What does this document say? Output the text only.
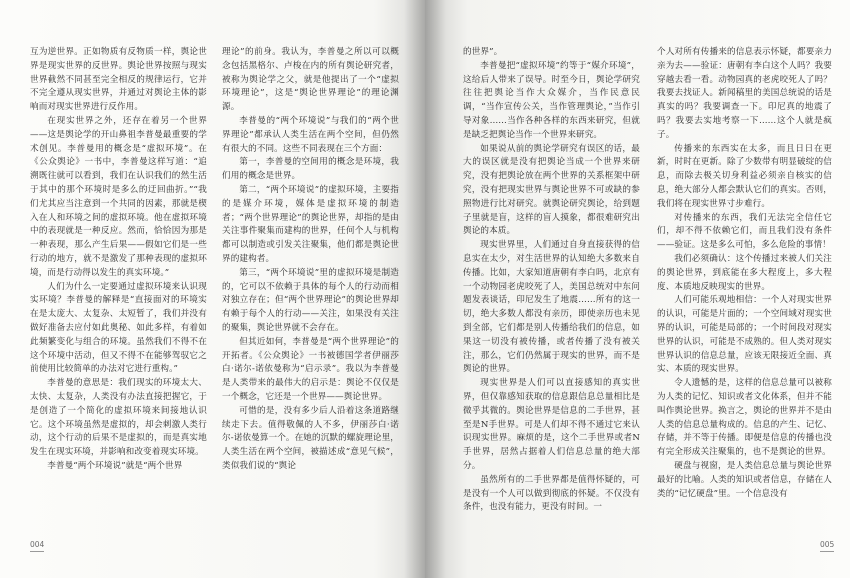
互为逆世界。正如物质有反物质一样，舆论世界是现实世界的反世界。舆论世界按照与现实世界截然不同甚至完全相反的规律运行，它并不完全遵从现实世界，并通过对舆论主体的影响而对现实世界进行反作用。

在现实世界之外，还存在着另一个世界——这是舆论学的开山鼻祖李普曼最重要的学术创见。李普曼用的概念是“虚拟环境”。在《公众舆论》一书中，李普曼这样写道：“追溯既往就可以看到，我们在认识我们的然生活于其中的那个环境时是多么的迂回曲折。”“我们尤其应当注意到一个共同的因素，那就是楔入在人和环境之间的虚拟环境。他在虚拟环境中的表现就是一种反应。然而，恰恰因为那是一种表现，那么产生后果——假如它们是一些行动的地方，就不是激发了那种表现的虚拟环境，而是行动得以发生的真实环境。”

人们为什么一定要通过虚拟环境来认识现实环境？李普曼的解释是“直接面对的环境实在是太庞大、太复杂、太短暂了，我们并没有做好准备去应付如此奥秘、如此多样，有着如此频繁变化与组合的环境。虽然我们不得不在这个环境中活动，但又不得不在能够驾驭它之前使用比较简单的办法对它进行重构。”

李普曼的意思是：我们现实的环境太大、太快、太复杂，人类没有办法直接把握它，于是创造了一个简化的虚拟环境来间接地认识它。这个环境虽然是虚拟的，却会刺激人类行动，这个行动的后果不是虚拟的，而是真实地发生在现实环境，并影响和改变着现实环境。

李普曼“两个环境说”就是“两个世界

理论”的前身。我认为，李普曼之所以可以概念包括黑格尔、卢梭在内的所有舆论研究者，被称为舆论学之父，就是他提出了一个“虚拟环境理论”，这是“舆论世界理论”的理论渊源。

李普曼的“两个环境说”与我们的“两个世界理论”都承认人类生活在两个空间，但仍然有很大的不同。这些不同表现在三个方面：

第一，李普曼的空间用的概念是环境，我们用的概念是世界。

第二，“两个环境说”的虚拟环境，主要指的是媒介环境，媒体是虚拟环境的制造者；“两个世界理论”的舆论世界，却指的是由关注事件聚集而建构的世界，任何个人与机构都可以制造或引发关注聚集，他们都是舆论世界的建构者。

第三，“两个环境说”里的虚拟环境是制造的，它可以不依赖于具体的每个人的行动而相对独立存在；但“两个世界理论”的舆论世界却有赖于每个人的行动——关注，如果没有关注的聚集，舆论世界就不会存在。

但其近如何，李普曼是“两个世界理论”的开拓者。《公众舆论》一书被德国学者伊丽莎白·诺尔-诺依曼称为“启示录”。我以为李普曼是人类带来的最伟大的启示是：舆论不仅仅是一个概念，它还是一个世界——舆论世界。

可惜的是，没有多少后人沿着这条道路继续走下去。值得敬佩的人不多，伊丽莎白·诺尔-诺依曼算一个。在她的沉默的螺旋理论里，人类生活在两个空间，被描述成“意见气候”，类似我们说的“舆论

004

的世界”。

李普曼把“虚拟环境”约等于“媒介环境”，这给后人带来了误导。时至今日，舆论学研究往往把舆论当作大众媒介，当作民意民调，“当作宣传公关，当作管理舆论，”当作引导对象……当作各种各样的东西来研究，但就是缺乏把舆论当作一个世界来研究。

如果说从前的舆论学研究有误区的话，最大的误区就是没有把舆论当成一个世界来研究，没有把舆论放在两个世界的关系框架中研究，没有把现实世界与舆论世界不可或缺的参照物进行比对研究。就舆论研究舆论，给到题子里就是盲，这样的盲人摸象，都很难研究出舆论的本质。

现实世界里，人们通过自身直接获得的信息实在太少，对生活世界的认知绝大多数来自传播。比如，大家知道唐朝有李白吗，北京有一个动物园老虎咬死了人，美国总统对中东问题发表谈话，印尼发生了地震……所有的这一切，绝大多数人都没有亲历，即使亲历也未见到全部，它们都是别人传播给我们的信息，如果这一切没有被传播，或者传播了没有被关注，那么，它们仍然属于现实的世界，而不是舆论的世界。

现实世界是人们可以直接感知的真实世界，但仅靠感知获取的信息跟信息总量相比是微乎其微的。舆论世界是信息的二手世界，甚至是N手世界。可是人们却不得不通过它来认识现实世界。麻烦的是，这个二手世界或者N手世界，居然占据着人们信息总量的绝大部分。

虽然所有的二手世界都是值得怀疑的，可是没有一个人可以做到彻底的怀疑。不仅没有条件，也没有能力，更没有时间。一

个人对所有传播来的信息表示怀疑，都要亲力亲为去——验证：唐朝有李白这个人吗？我要穿越去看一看。动物园真的老虎咬死人了吗？我要去找证人。新闻稿里的美国总统说的话是真实的吗？我要调查一下。印尼真的地震了吗？我要去实地考察一下……这个人就是疯子。

传播来的东西实在太多，而且日日在更新，时时在更新。除了少数带有明显破绽的信息，而除去极关切身利益必须亲自核实的信息，绝大部分人都会默认它们的真实。否则，我们将在现实世界寸步难行。

对传播来的东西，我们无法完全信任它们，却不得不依赖它们，而且我们没有条件——验证。这是多么可怕，多么危险的事情！

我们必须确认：这个传播过来被人们关注的舆论世界，到底能在多大程度上，多大程度、本质地反映现实的世界。

人们可能乐观地相信：一个人对现实世界的认识，可能是片面的；一个空间域对现实世界的认识，可能是局部的；一个时间段对现实世界的认识，可能是不成熟的。但人类对现实世界认识的信息总量，应该无限接近全面、真实、本质的现实世界。

令人遗憾的是，这样的信息总量可以被称为人类的记忆、知识或者文化体系，但并不能叫作舆论世界。换言之，舆论的世界并不是由人类的信息总量构成的。信息的产生、记忆、存储，并不等于传播。即便是信息的传播也没有完全形成关注聚集的，也不是舆论的世界。

硬盘与视窗，是人类信息总量与舆论世界最好的比喻。人类的知识或者信息，存储在人类的“记忆硬盘”里。一个信息没有

005
